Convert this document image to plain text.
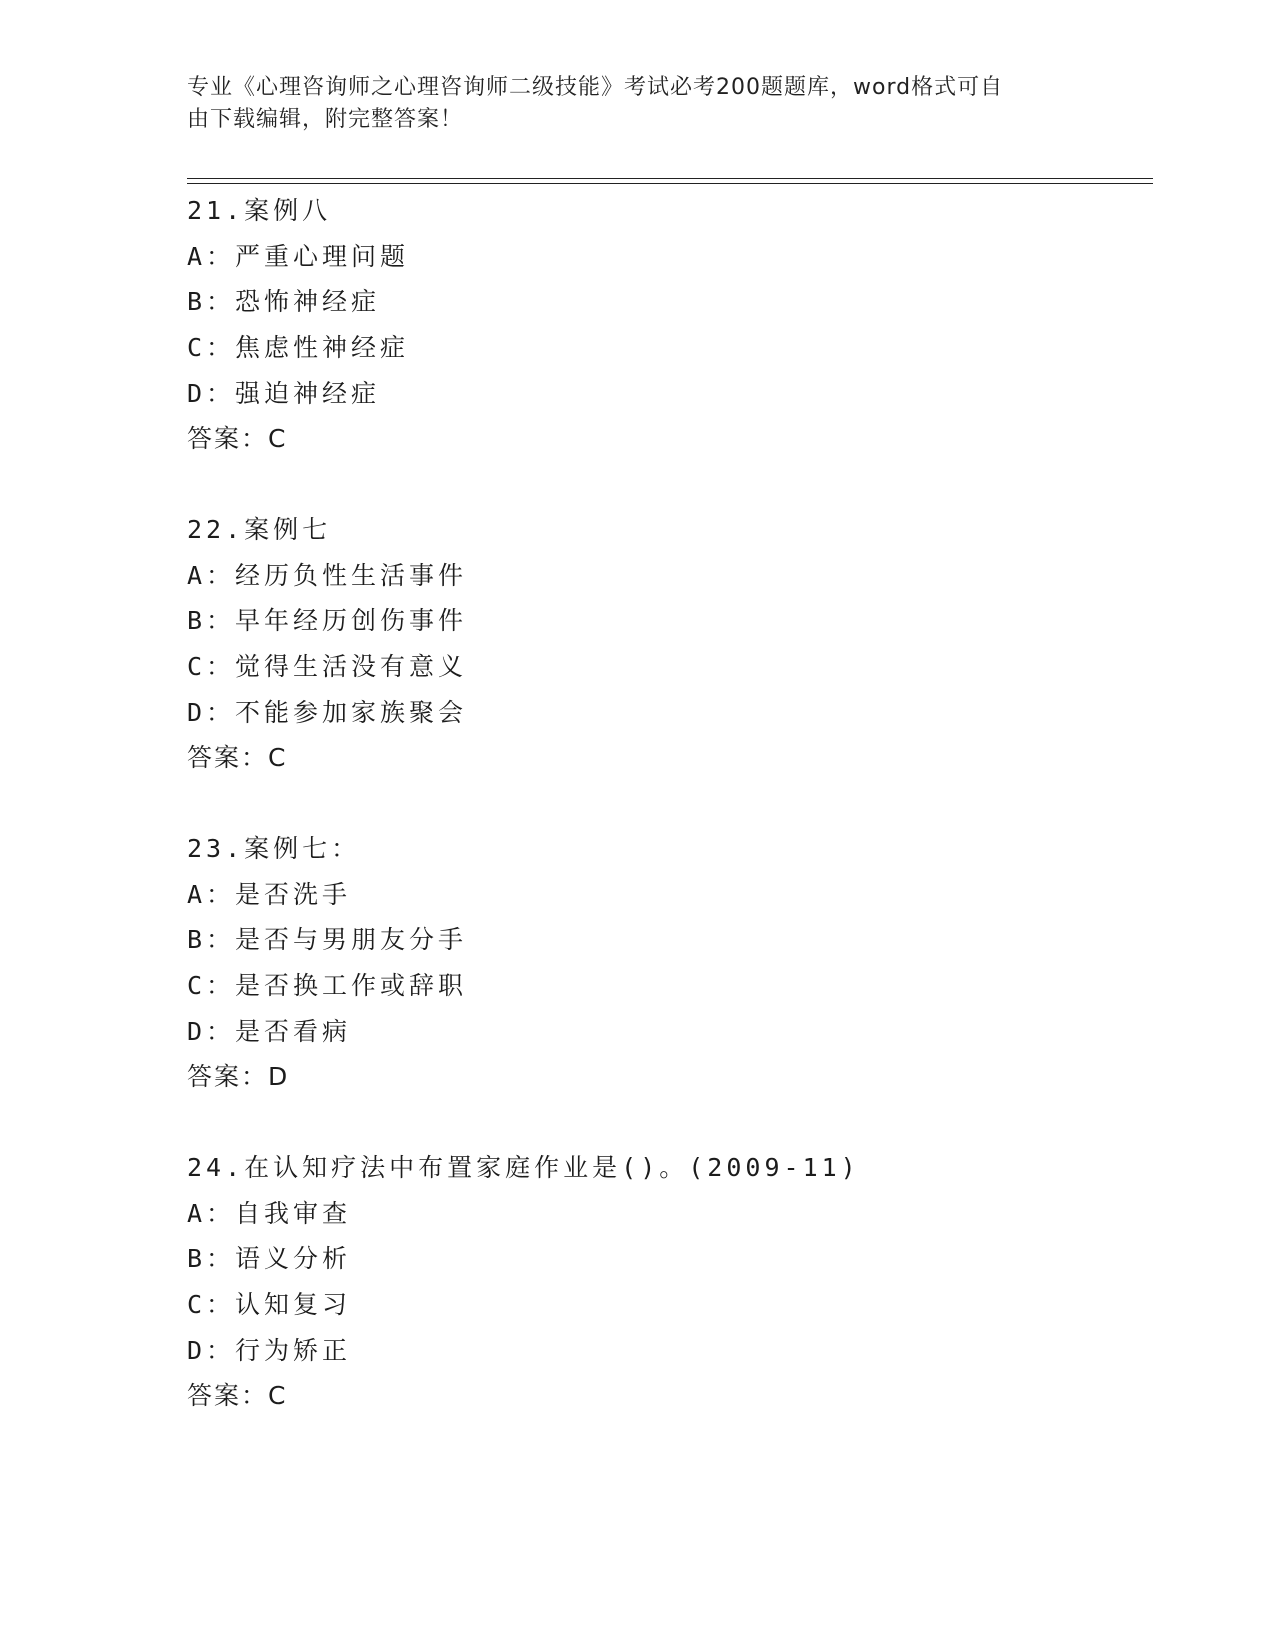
专业《心理咨询师之心理咨询师二级技能》考试必考200题题库，word格式可自
由下载编辑，附完整答案！
21.案例八
A：严重心理问题
B：恐怖神经症
C：焦虑性神经症
D：强迫神经症
答案：C
22.案例七
A：经历负性生活事件
B：早年经历创伤事件
C：觉得生活没有意义
D：不能参加家族聚会
答案：C
23.案例七：
A：是否洗手
B：是否与男朋友分手
C：是否换工作或辞职
D：是否看病
答案：D
24.在认知疗法中布置家庭作业是()。(2009-11)
A：自我审查
B：语义分析
C：认知复习
D：行为矫正
答案：C
